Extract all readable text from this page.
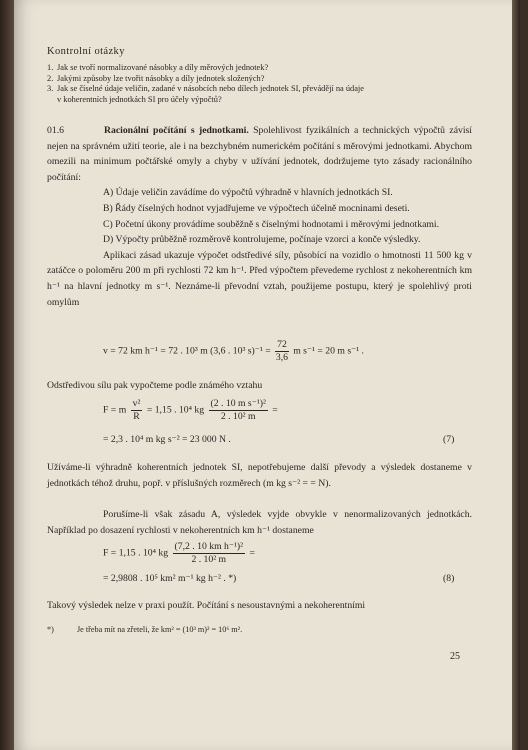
Kontrolní otázky
1. Jak se tvoří normalizované násobky a díly měrových jednotek?
2. Jakými způsoby lze tvořit násobky a díly jednotek složených?
3. Jak se číselné údaje veličin, zadané v násobcích nebo dílech jednotek SI, převádějí na údaje
v koherentních jednotkách SI pro účely výpočtů?
01.6	Racionální počítání s jednotkami. Spolehlivost fyzikálních a technických výpočtů závisí nejen na správném užití teorie, ale i na bezchybném numerickém počítání s měrovými jednotkami. Abychom omezili na minimum počtářské omyly a chyby v užívání jednotek, dodržujeme tyto zásady racionálního počítání:
A) Údaje veličin zavádíme do výpočtů výhradně v hlavních jednotkách SI.
B) Řády číselných hodnot vyjadřujeme ve výpočtech účelně mocninami deseti.
C) Početní úkony provádíme souběžně s číselnými hodnotami i měrovými jednotkami.
D) Výpočty průběžně rozměrově kontrolujeme, počínaje vzorci a konče výsledky.
Aplikaci zásad ukazuje výpočet odstředivé síly, působící na vozidlo o hmotnosti 11 500 kg v zatáčce o poloměru 200 m při rychlosti 72 km h⁻¹. Před výpočtem převedeme rychlost z nekoherentních km h⁻¹ na hlavní jednotky m s⁻¹. Neznáme-li převodní vztah, použijeme postupu, který je spolehlivý proti omylům
v = 72 km h⁻¹ = 72 . 10³ m (3,6 . 10³ $s)^{-1} = \frac{72}{3,6}$ m s⁻¹ = 20 m s⁻¹ .
Odstředivou sílu pak vypočteme podle známého vztahu
F = m $\frac{\text{v²}}{R} = 1,15$ . 10⁴ kg $\frac{\text{(2 . 10 m s⁻¹)²}}{\text{2 . 10² m}}$ =
= 2,3 . 10⁴ m kg s⁻² = 23 000 N .	(7)
Užíváme-li výhradně koherentních jednotek SI, nepotřebujeme další převody a výsledek dostaneme v jednotkách téhož druhu, popř. v příslušných rozměrech (m kg s⁻² = = N).
Porušíme-li však zásadu A, výsledek vyjde obvykle v nenormalizovaných jednotkách. Například po dosazení rychlosti v nekoherentních km h⁻¹ dostaneme
F = 1,15 . 10⁴ kg $\frac{\text{(7,2 . 10 km h⁻¹)²}}{\text{2 . 10² m}}$ =
= 2,9808 . 10⁵ km² m⁻¹ kg h⁻² . *)	(8)
Takový výsledek nelze v praxi použít. Počítání s nesoustavnými a nekoherentními
*)	Je třeba mít na zřeteli, že km² = (10³ m)² = 10⁶ m².
25
